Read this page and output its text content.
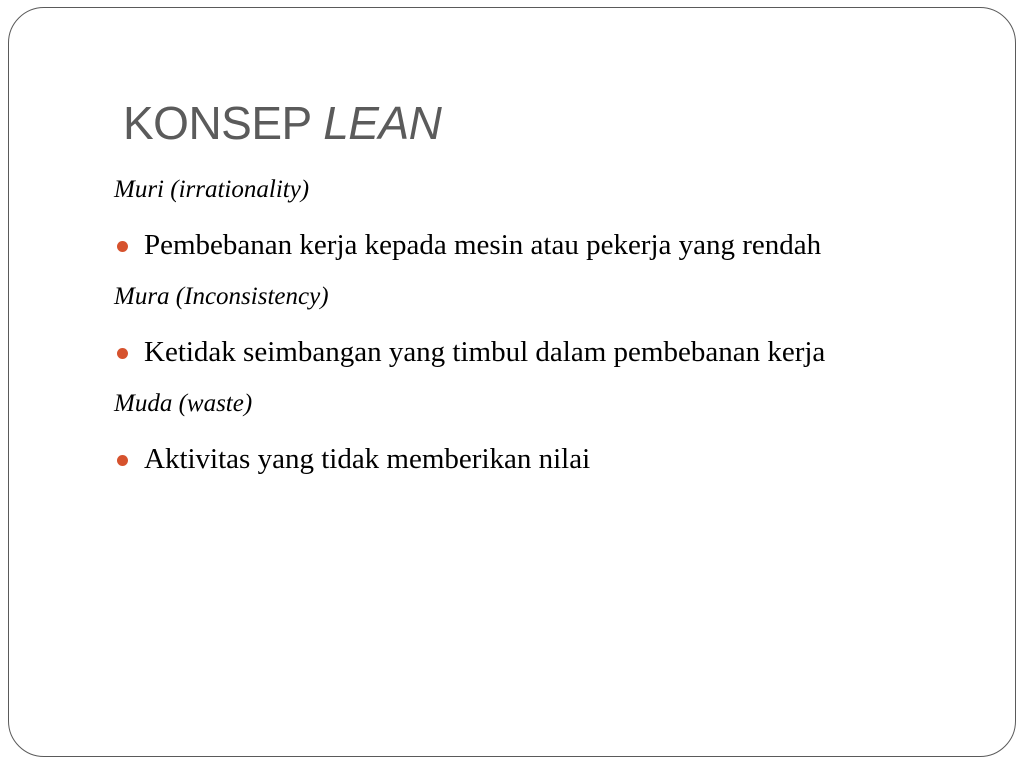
KONSEP LEAN
Muri (irrationality)
Pembebanan kerja kepada mesin atau pekerja yang rendah
Mura (Inconsistency)
Ketidak seimbangan yang timbul dalam pembebanan kerja
Muda (waste)
Aktivitas yang tidak memberikan nilai
